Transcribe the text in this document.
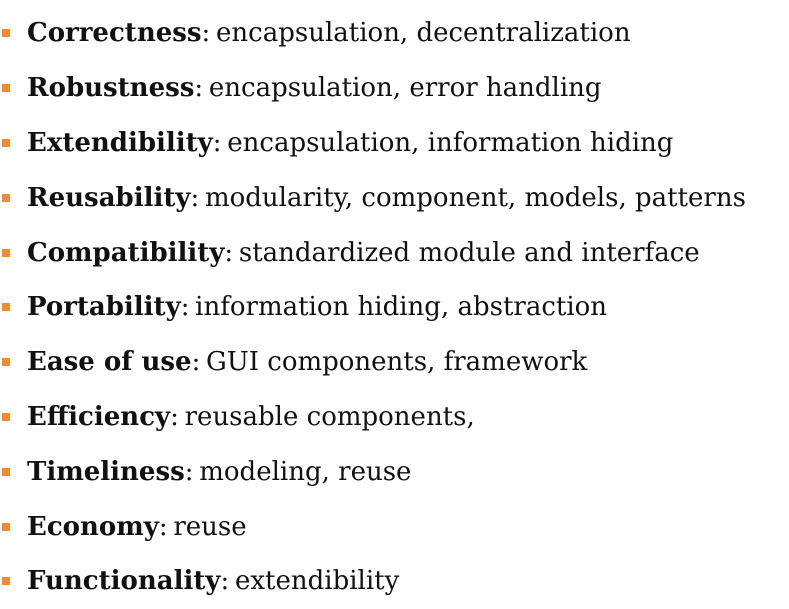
Correctness : encapsulation, decentralization
Robustness : encapsulation, error handling
Extendibility : encapsulation, information hiding
Reusability : modularity, component, models, patterns
Compatibility : standardized module and interface
Portability : information hiding, abstraction
Ease of use : GUI components, framework
Efficiency : reusable components,
Timeliness : modeling, reuse
Economy : reuse
Functionality : extendibility
